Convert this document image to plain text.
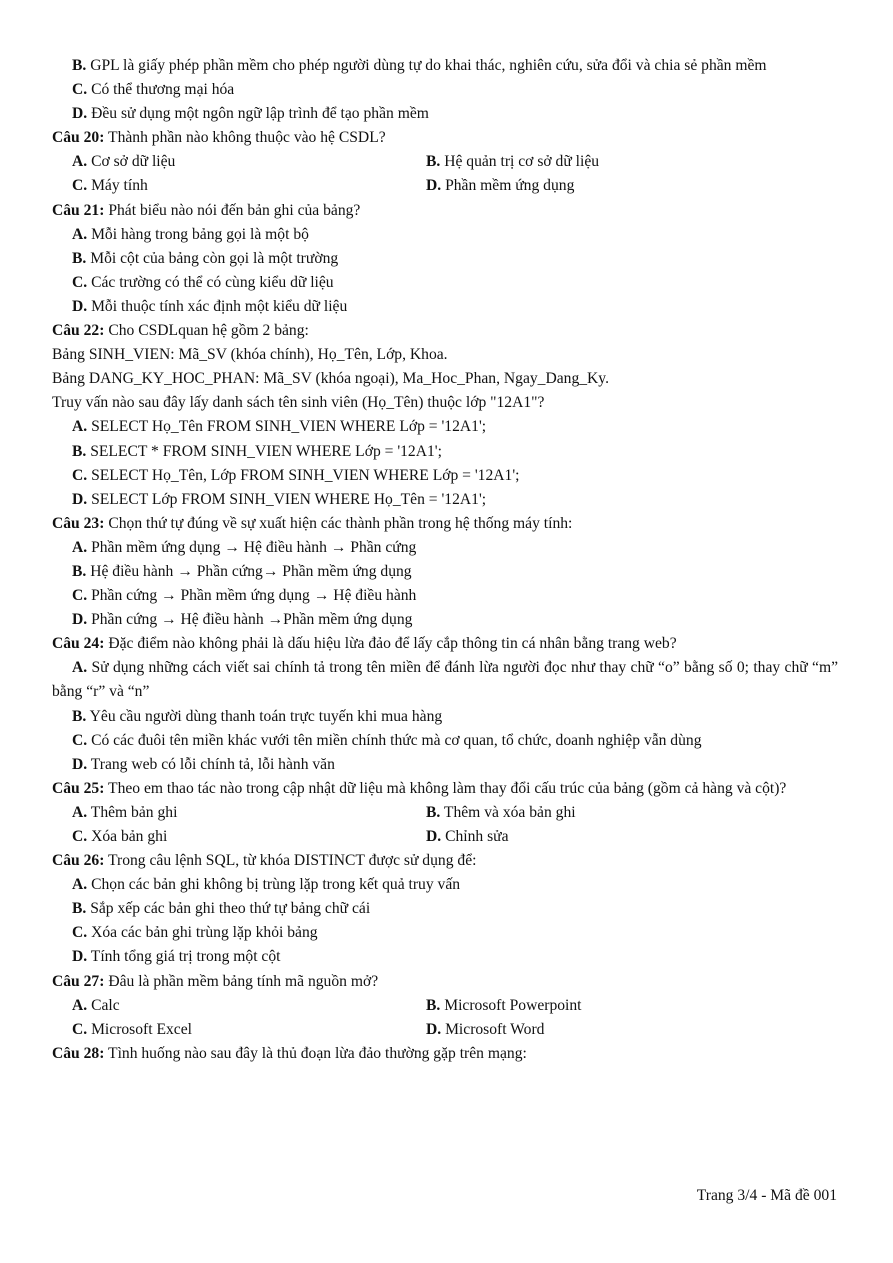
B. GPL là giấy phép phần mềm cho phép người dùng tự do khai thác, nghiên cứu, sửa đổi và chia sẻ phần mềm
C. Có thể thương mại hóa
D. Đều sử dụng một ngôn ngữ lập trình để tạo phần mềm
Câu 20: Thành phần nào không thuộc vào hệ CSDL?
A. Cơ sở dữ liệu	B. Hệ quản trị cơ sở dữ liệu
C. Máy tính	D. Phần mềm ứng dụng
Câu 21: Phát biểu nào nói đến bản ghi của bảng?
A. Mỗi hàng trong bảng gọi là một bộ
B. Mỗi cột của bảng còn gọi là một trường
C. Các trường có thể có cùng kiểu dữ liệu
D. Mỗi thuộc tính xác định một kiểu dữ liệu
Câu 22: Cho CSDLquan hệ gồm 2 bảng:
Bảng SINH_VIEN: Mã_SV (khóa chính), Họ_Tên, Lớp, Khoa.
Bảng DANG_KY_HOC_PHAN: Mã_SV (khóa ngoại), Ma_Hoc_Phan, Ngay_Dang_Ky.
Truy vấn nào sau đây lấy danh sách tên sinh viên (Họ_Tên) thuộc lớp "12A1"?
A. SELECT Họ_Tên FROM SINH_VIEN WHERE Lớp = '12A1';
B. SELECT * FROM SINH_VIEN WHERE Lớp = '12A1';
C. SELECT Họ_Tên, Lớp FROM SINH_VIEN WHERE Lớp = '12A1';
D. SELECT Lớp FROM SINH_VIEN WHERE Họ_Tên = '12A1';
Câu 23: Chọn thứ tự đúng về sự xuất hiện các thành phần trong hệ thống máy tính:
A. Phần mềm ứng dụng → Hệ điều hành → Phần cứng
B. Hệ điều hành → Phần cứng→ Phần mềm ứng dụng
C. Phần cứng → Phần mềm ứng dụng → Hệ điều hành
D. Phần cứng → Hệ điều hành →Phần mềm ứng dụng
Câu 24: Đặc điểm nào không phải là dấu hiệu lừa đảo để lấy cắp thông tin cá nhân bằng trang web?
A. Sử dụng những cách viết sai chính tả trong tên miền để đánh lừa người đọc như thay chữ “o” bằng số 0; thay chữ “m” bằng “r” và “n”
B. Yêu cầu người dùng thanh toán trực tuyến khi mua hàng
C. Có các đuôi tên miền khác vưới tên miền chính thức mà cơ quan, tổ chức, doanh nghiệp vẫn dùng
D. Trang web có lỗi chính tả, lỗi hành văn
Câu 25: Theo em thao tác nào trong cập nhật dữ liệu mà không làm thay đổi cấu trúc của bảng (gồm cả hàng và cột)?
A. Thêm bản ghi	B. Thêm và xóa bản ghi
C. Xóa bản ghi	D. Chỉnh sửa
Câu 26: Trong câu lệnh SQL, từ khóa DISTINCT được sử dụng để:
A. Chọn các bản ghi không bị trùng lặp trong kết quả truy vấn
B. Sắp xếp các bản ghi theo thứ tự bảng chữ cái
C. Xóa các bản ghi trùng lặp khỏi bảng
D. Tính tổng giá trị trong một cột
Câu 27: Đâu là phần mềm bảng tính mã nguồn mở?
A. Calc	B. Microsoft Powerpoint
C. Microsoft Excel	D. Microsoft Word
Câu 28: Tình huống nào sau đây là thủ đoạn lừa đảo thường gặp trên mạng:
Trang 3/4 - Mã đề 001
